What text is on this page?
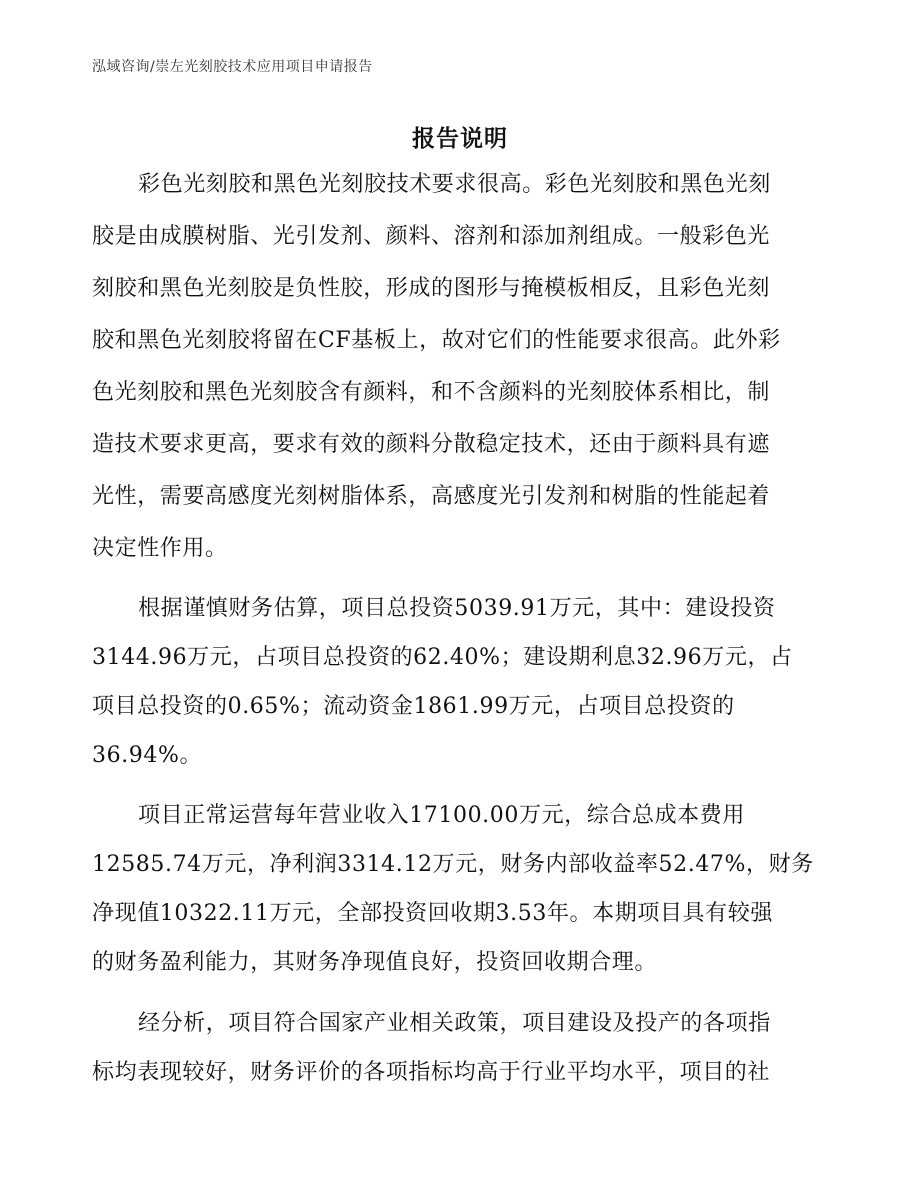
泓域咨询/崇左光刻胶技术应用项目申请报告
报告说明
彩色光刻胶和黑色光刻胶技术要求很高。彩色光刻胶和黑色光刻
胶是由成膜树脂、光引发剂、颜料、溶剂和添加剂组成。一般彩色光
刻胶和黑色光刻胶是负性胶，形成的图形与掩模板相反，且彩色光刻
胶和黑色光刻胶将留在CF基板上，故对它们的性能要求很高。此外彩
色光刻胶和黑色光刻胶含有颜料，和不含颜料的光刻胶体系相比，制
造技术要求更高，要求有效的颜料分散稳定技术，还由于颜料具有遮
光性，需要高感度光刻树脂体系，高感度光引发剂和树脂的性能起着
决定性作用。
根据谨慎财务估算，项目总投资5039.91万元，其中：建设投资
3144.96万元，占项目总投资的62.40%；建设期利息32.96万元，占
项目总投资的0.65%；流动资金1861.99万元，占项目总投资的
36.94%。
项目正常运营每年营业收入17100.00万元，综合总成本费用
12585.74万元，净利润3314.12万元，财务内部收益率52.47%，财务
净现值10322.11万元，全部投资回收期3.53年。本期项目具有较强
的财务盈利能力，其财务净现值良好，投资回收期合理。
经分析，项目符合国家产业相关政策，项目建设及投产的各项指
标均表现较好，财务评价的各项指标均高于行业平均水平，项目的社
